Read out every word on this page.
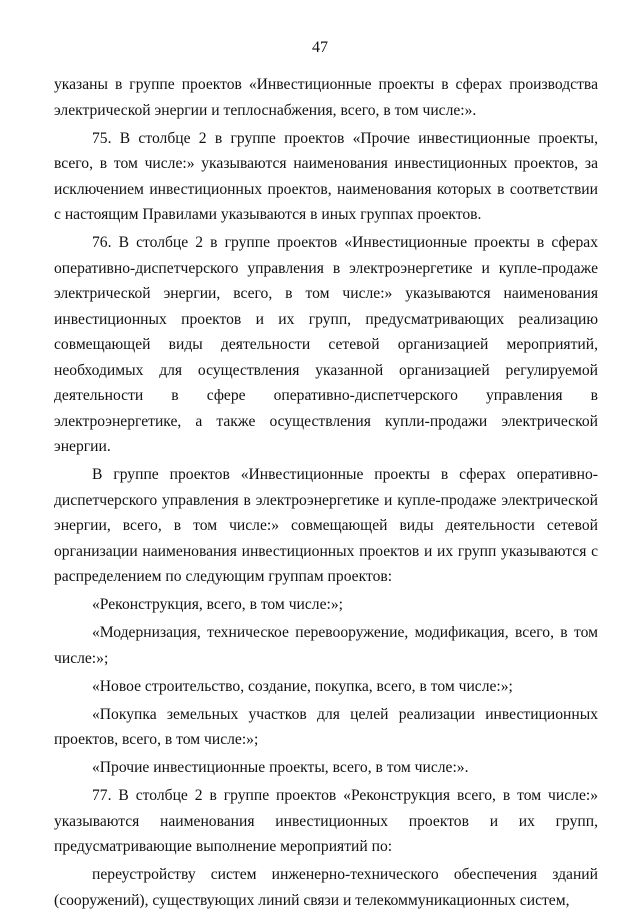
47

указаны в группе проектов «Инвестиционные проекты в сферах производства электрической энергии и теплоснабжения, всего, в том числе:».

75. В столбце 2 в группе проектов «Прочие инвестиционные проекты, всего, в том числе:» указываются наименования инвестиционных проектов, за исключением инвестиционных проектов, наименования которых в соответствии с настоящим Правилами указываются в иных группах проектов.

76. В столбце 2 в группе проектов «Инвестиционные проекты в сферах оперативно-диспетчерского управления в электроэнергетике и купле-продаже электрической энергии, всего, в том числе:» указываются наименования инвестиционных проектов и их групп, предусматривающих реализацию совмещающей виды деятельности сетевой организацией мероприятий, необходимых для осуществления указанной организацией регулируемой деятельности в сфере оперативно-диспетчерского управления в электроэнергетике, а также осуществления купли-продажи электрической энергии.

В группе проектов «Инвестиционные проекты в сферах оперативно-диспетчерского управления в электроэнергетике и купле-продаже электрической энергии, всего, в том числе:» совмещающей виды деятельности сетевой организации наименования инвестиционных проектов и их групп указываются с распределением по следующим группам проектов:

«Реконструкция, всего, в том числе:»;

«Модернизация, техническое перевооружение, модификация, всего, в том числе:»;

«Новое строительство, создание, покупка, всего, в том числе:»;

«Покупка земельных участков для целей реализации инвестиционных проектов, всего, в том числе:»;

«Прочие инвестиционные проекты, всего, в том числе:».

77. В столбце 2 в группе проектов «Реконструкция всего, в том числе:» указываются наименования инвестиционных проектов и их групп, предусматривающие выполнение мероприятий по:

переустройству систем инженерно-технического обеспечения зданий (сооружений), существующих линий связи и телекоммуникационных систем,
